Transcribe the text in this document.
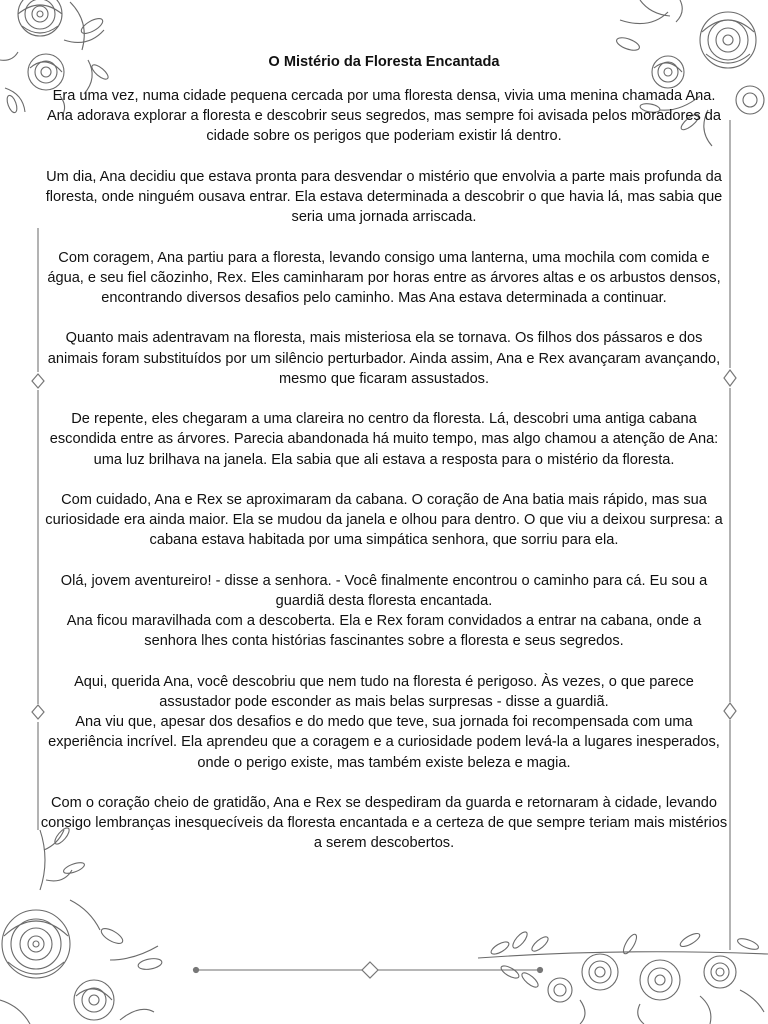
O Mistério da Floresta Encantada

Era uma vez, numa cidade pequena cercada por uma floresta densa, vivia uma menina chamada Ana. Ana adorava explorar a floresta e descobrir seus segredos, mas sempre foi avisada pelos moradores da cidade sobre os perigos que poderiam existir lá dentro.

Um dia, Ana decidiu que estava pronta para desvendar o mistério que envolvia a parte mais profunda da floresta, onde ninguém ousava entrar. Ela estava determinada a descobrir o que havia lá, mas sabia que seria uma jornada arriscada.

Com coragem, Ana partiu para a floresta, levando consigo uma lanterna, uma mochila com comida e água, e seu fiel cãozinho, Rex. Eles caminharam por horas entre as árvores altas e os arbustos densos, encontrando diversos desafios pelo caminho. Mas Ana estava determinada a continuar.

Quanto mais adentravam na floresta, mais misteriosa ela se tornava. Os filhos dos pássaros e dos animais foram substituídos por um silêncio perturbador. Ainda assim, Ana e Rex avançaram avançando, mesmo que ficaram assustados.

De repente, eles chegaram a uma clareira no centro da floresta. Lá, descobri uma antiga cabana escondida entre as árvores. Parecia abandonada há muito tempo, mas algo chamou a atenção de Ana: uma luz brilhava na janela. Ela sabia que ali estava a resposta para o mistério da floresta.

Com cuidado, Ana e Rex se aproximaram da cabana. O coração de Ana batia mais rápido, mas sua curiosidade era ainda maior. Ela se mudou da janela e olhou para dentro. O que viu a deixou surpresa: a cabana estava habitada por uma simpática senhora, que sorriu para ela.

Olá, jovem aventureiro! - disse a senhora. - Você finalmente encontrou o caminho para cá. Eu sou a guardiã desta floresta encantada.
Ana ficou maravilhada com a descoberta. Ela e Rex foram convidados a entrar na cabana, onde a senhora lhes conta histórias fascinantes sobre a floresta e seus segredos.
Aqui, querida Ana, você descobriu que nem tudo na floresta é perigoso. Às vezes, o que parece assustador pode esconder as mais belas surpresas - disse a guardiã.
Ana viu que, apesar dos desafios e do medo que teve, sua jornada foi recompensada com uma experiência incrível. Ela aprendeu que a coragem e a curiosidade podem levá-la a lugares inesperados, onde o perigo existe, mas também existe beleza e magia.

Com o coração cheio de gratidão, Ana e Rex se despediram da guarda e retornaram à cidade, levando consigo lembranças inesquecíveis da floresta encantada e a certeza de que sempre teriam mais mistérios a serem descobertos.
